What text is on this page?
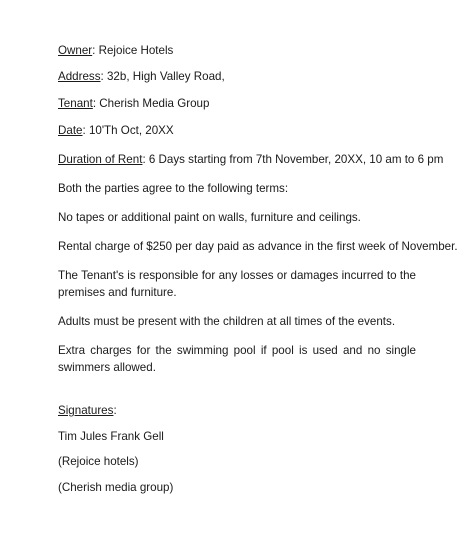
Owner: Rejoice Hotels
Address: 32b, High Valley Road,
Tenant: Cherish Media Group
Date: 10'Th Oct, 20XX
Duration of Rent: 6 Days starting from 7th November, 20XX, 10 am to 6 pm
Both the parties agree to the following terms:
No tapes or additional paint on walls, furniture and ceilings.
Rental charge of $250 per day paid as advance in the first week of November.
The Tenant's is responsible for any losses or damages incurred to the premises and furniture.
Adults must be present with the children at all times of the events.
Extra charges for the swimming pool if pool is used and no single swimmers allowed.
Signatures:
Tim Jules Frank Gell
(Rejoice hotels)
(Cherish media group)
